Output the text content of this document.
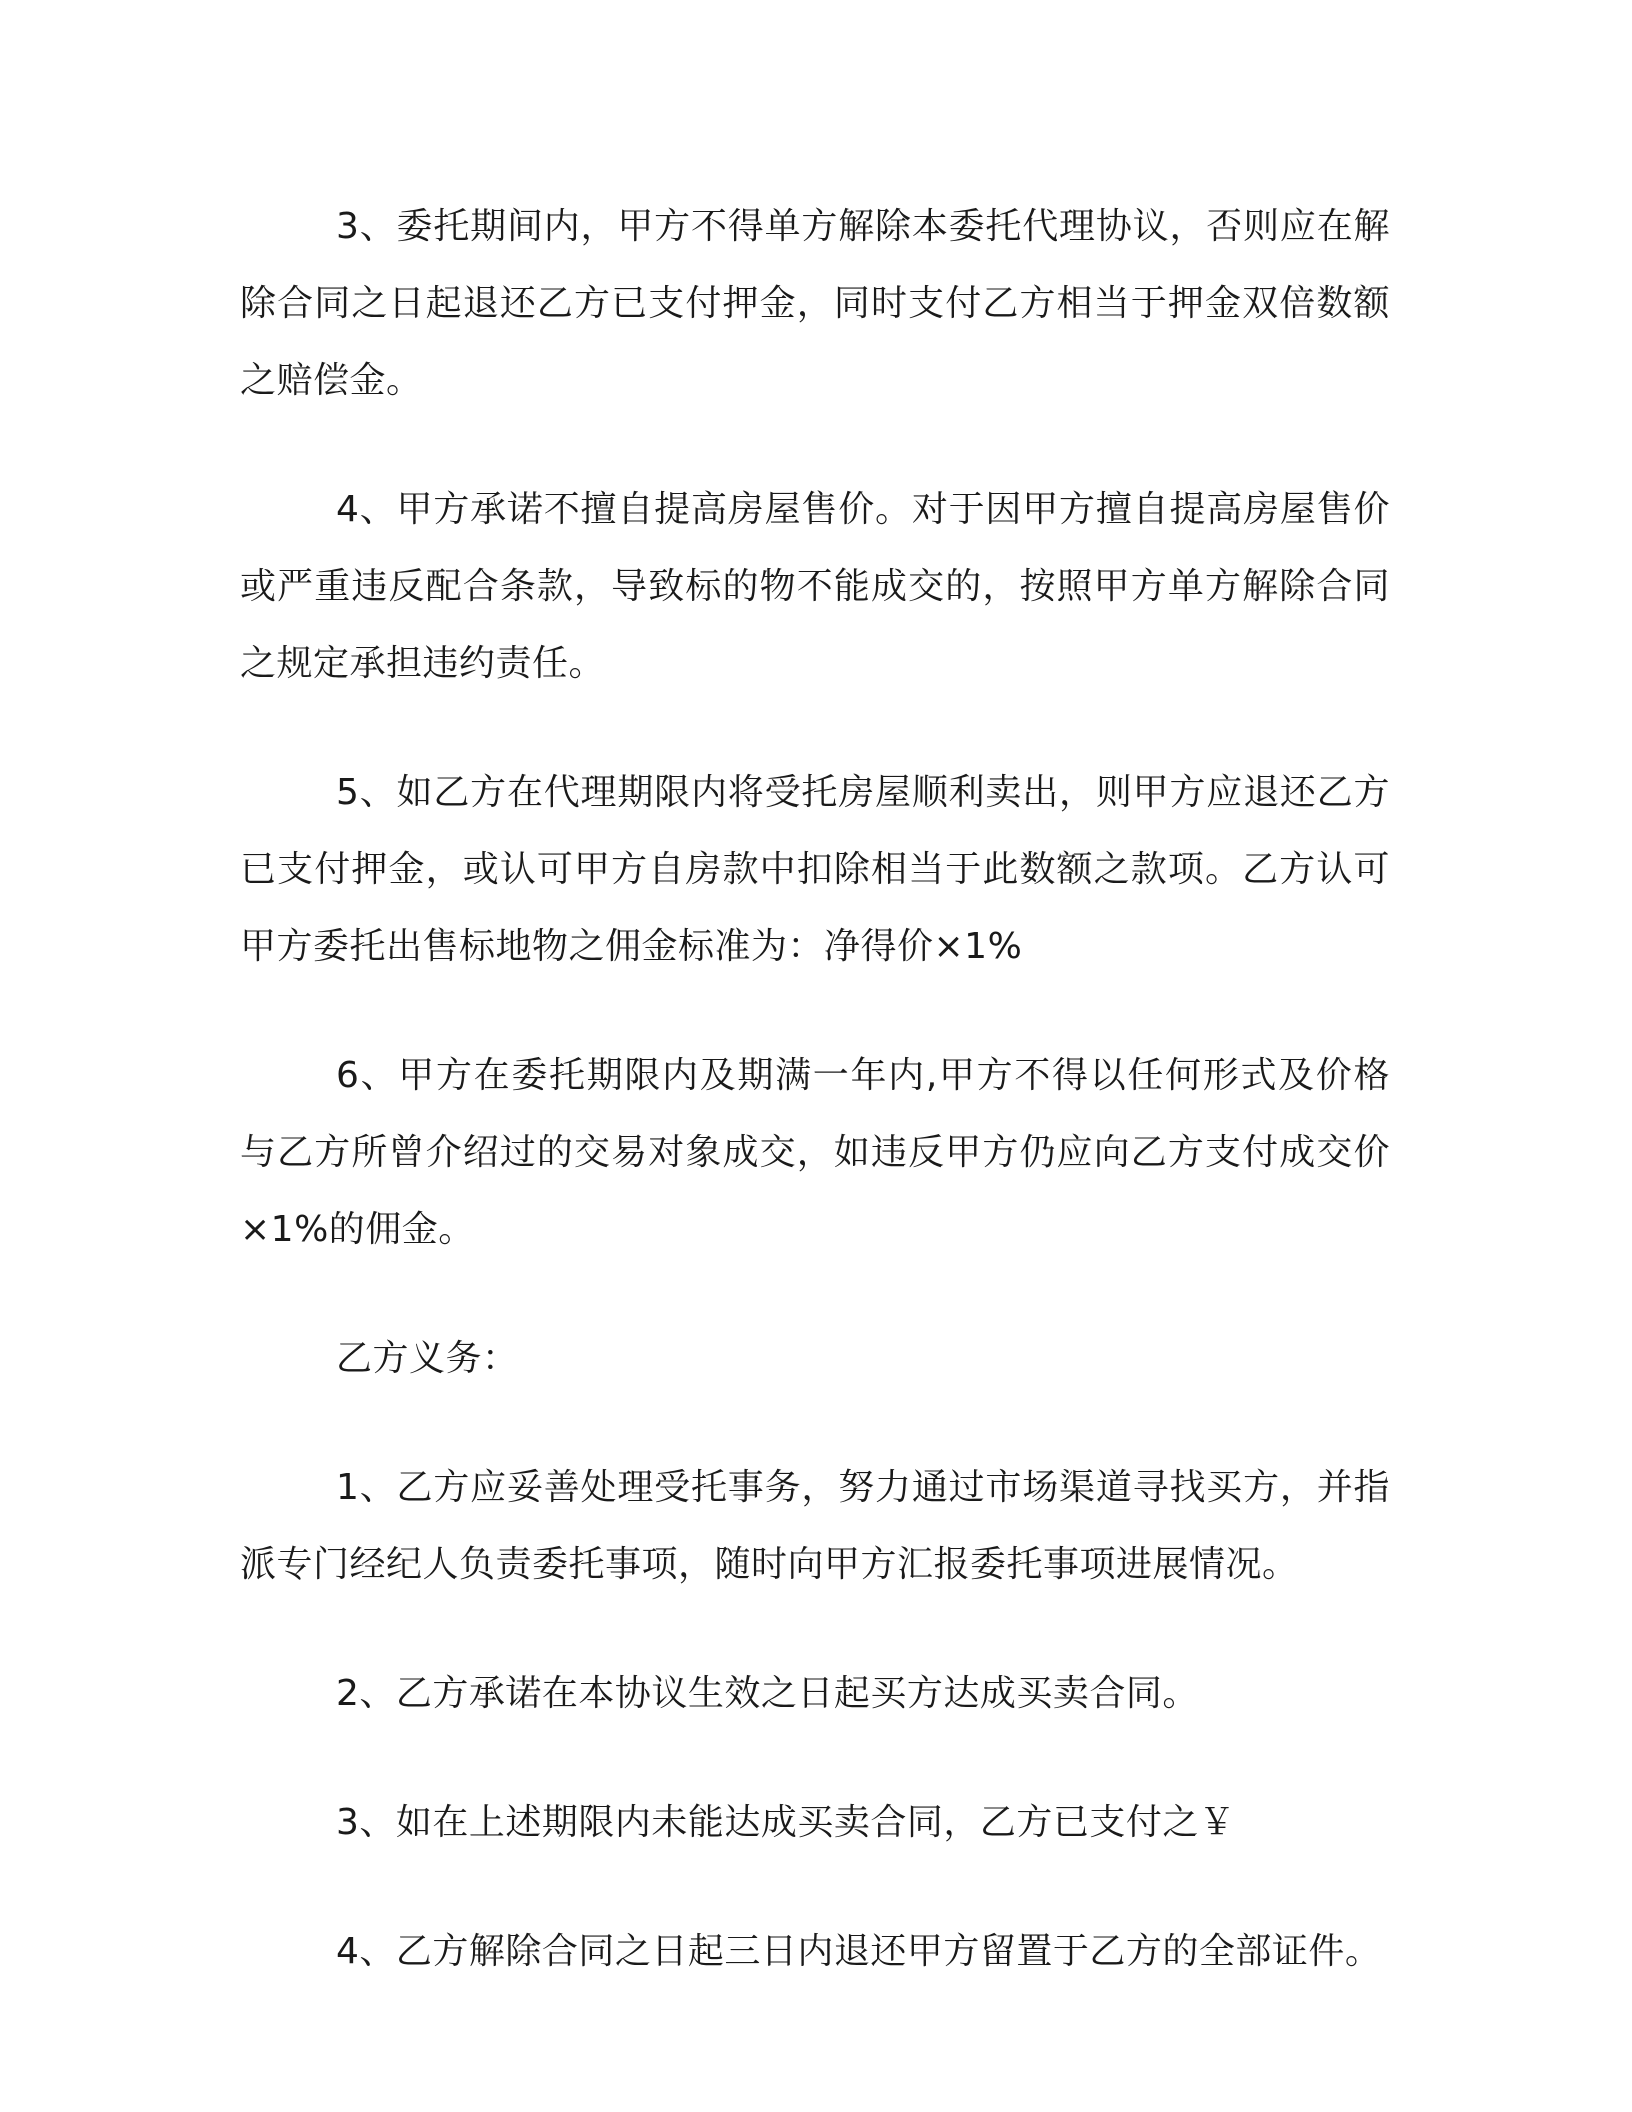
3、委托期间内，甲方不得单方解除本委托代理协议，否则应在解除合同之日起退还乙方已支付押金，同时支付乙方相当于押金双倍数额之赔偿金。

4、甲方承诺不擅自提高房屋售价。对于因甲方擅自提高房屋售价或严重违反配合条款，导致标的物不能成交的，按照甲方单方解除合同之规定承担违约责任。

5、如乙方在代理期限内将受托房屋顺利卖出，则甲方应退还乙方已支付押金，或认可甲方自房款中扣除相当于此数额之款项。乙方认可甲方委托出售标地物之佣金标准为：净得价×1%

6、甲方在委托期限内及期满一年内,甲方不得以任何形式及价格与乙方所曾介绍过的交易对象成交，如违反甲方仍应向乙方支付成交价×1%的佣金。

乙方义务：

1、乙方应妥善处理受托事务，努力通过市场渠道寻找买方，并指派专门经纪人负责委托事项，随时向甲方汇报委托事项进展情况。

2、乙方承诺在本协议生效之日起买方达成买卖合同。

3、如在上述期限内未能达成买卖合同，乙方已支付之￥

4、乙方解除合同之日起三日内退还甲方留置于乙方的全部证件。
